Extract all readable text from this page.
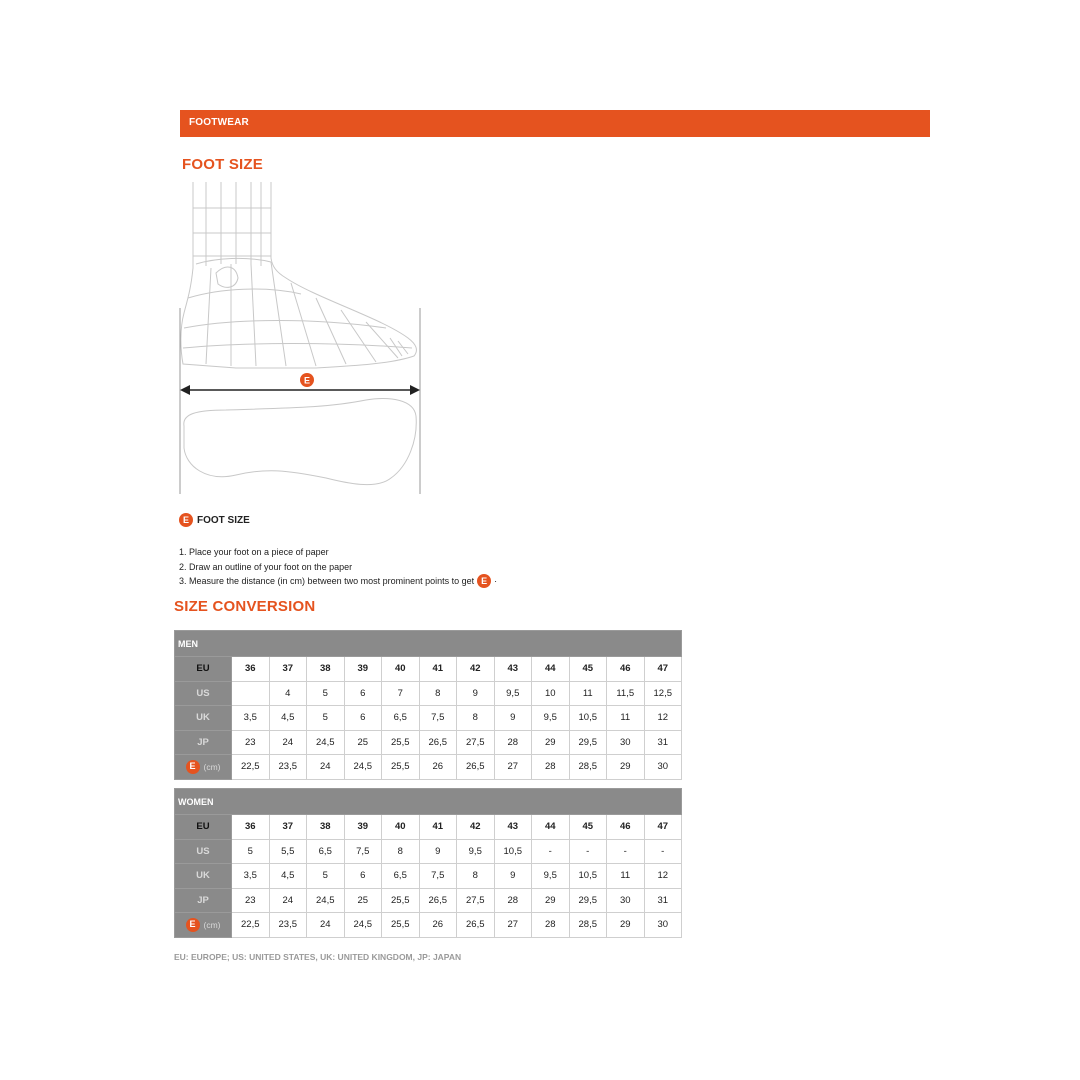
FOOTWEAR
FOOT SIZE
E
E FOOT SIZE
1. Place your foot on a piece of paper
2. Draw an outline of your foot on the paper
3. Measure the distance (in cm) between two most prominent points to get E ·
SIZE CONVERSION
MEN												
EU	36	37	38	39	40	41	42	43	44	45	46	47
US		4	5	6	7	8	9	9,5	10	11	11,5	12,5
UK	3,5	4,5	5	6	6,5	7,5	8	9	9,5	10,5	11	12
JP	23	24	24,5	25	25,5	26,5	27,5	28	29	29,5	30	31

E (cm)	22,5	23,5	24	24,5	25,5	26	26,5	27	28	28,5	29	30
WOMEN												
EU	36	37	38	39	40	41	42	43	44	45	46	47
US	5	5,5	6,5	7,5	8	9	9,5	10,5	-	-	-	-
UK	3,5	4,5	5	6	6,5	7,5	8	9	9,5	10,5	11	12
JP	23	24	24,5	25	25,5	26,5	27,5	28	29	29,5	30	31

E (cm)	22,5	23,5	24	24,5	25,5	26	26,5	27	28	28,5	29	30
EU: EUROPE; US: UNITED STATES, UK: UNITED KINGDOM, JP: JAPAN
